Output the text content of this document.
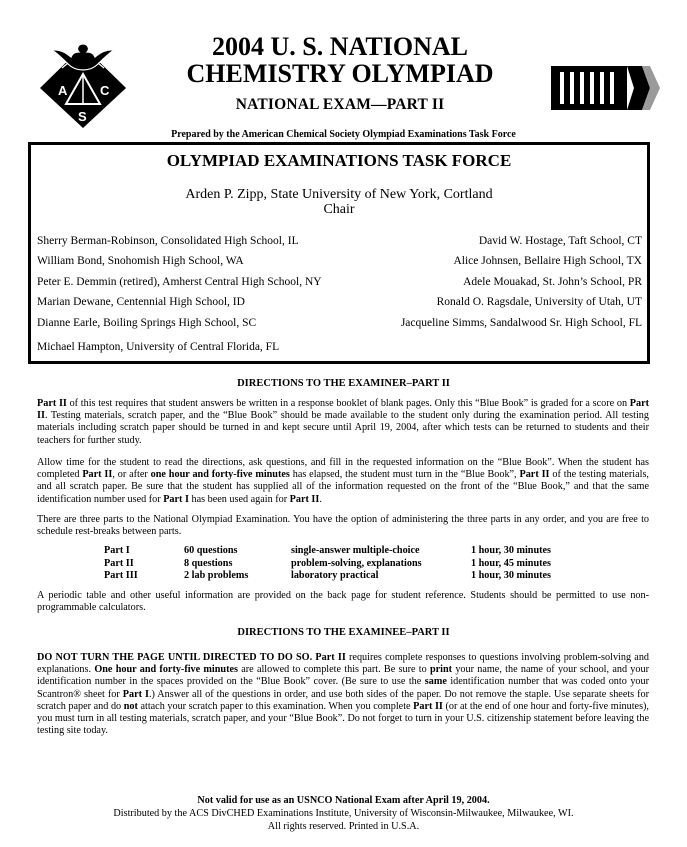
A	C
S
2004 U. S. NATIONAL
CHEMISTRY OLYMPIAD
NATIONAL EXAM—PART II
Prepared by the American Chemical Society Olympiad Examinations Task Force
OLYMPIAD EXAMINATIONS TASK FORCE
Arden P. Zipp, State University of New York, Cortland
Chair
Sherry Berman-Robinson, Consolidated High School, IL
William Bond, Snohomish High School, WA
Peter E. Demmin (retired), Amherst Central High School, NY
Marian Dewane, Centennial High School, ID
Dianne Earle, Boiling Springs High School, SC
Michael Hampton, University of Central Florida, FL
David W. Hostage, Taft School, CT
Alice Johnsen, Bellaire High School, TX
Adele Mouakad, St. John’s School, PR
Ronald O. Ragsdale, University of Utah, UT
Jacqueline Simms, Sandalwood Sr. High School, FL
DIRECTIONS TO THE EXAMINER–PART II
Part II of this test requires that student answers be written in a response booklet of blank pages. Only this “Blue Book” is graded for a score on Part II. Testing materials, scratch paper, and the “Blue Book” should be made available to the student only during the examination period. All testing materials including scratch paper should be turned in and kept secure until April 19, 2004, after which tests can be returned to students and their teachers for further study.
Allow time for the student to read the directions, ask questions, and fill in the requested information on the “Blue Book”. When the student has completed Part II, or after one hour and forty-five minutes has elapsed, the student must turn in the “Blue Book”, Part II of the testing materials, and all scratch paper. Be sure that the student has supplied all of the information requested on the front of the “Blue Book,” and that the same identification number used for Part I has been used again for Part II.
There are three parts to the National Olympiad Examination. You have the option of administering the three parts in any order, and you are free to schedule rest-breaks between parts.
Part I	60 questions	single-answer multiple-choice	1 hour, 30 minutes
Part II	8 questions	problem-solving, explanations	1 hour, 45 minutes
Part III	2 lab problems	laboratory practical	1 hour, 30 minutes
A periodic table and other useful information are provided on the back page for student reference. Students should be permitted to use non-programmable calculators.
DIRECTIONS TO THE EXAMINEE–PART II
DO NOT TURN THE PAGE UNTIL DIRECTED TO DO SO. Part II requires complete responses to questions involving problem-solving and explanations. One hour and forty-five minutes are allowed to complete this part. Be sure to print your name, the name of your school, and your identification number in the spaces provided on the “Blue Book” cover. (Be sure to use the same identification number that was coded onto your Scantron® sheet for Part I.) Answer all of the questions in order, and use both sides of the paper. Do not remove the staple. Use separate sheets for scratch paper and do not attach your scratch paper to this examination. When you complete Part II (or at the end of one hour and forty-five minutes), you must turn in all testing materials, scratch paper, and your “Blue Book”. Do not forget to turn in your U.S. citizenship statement before leaving the testing site today.
Not valid for use as an USNCO National Exam after April 19, 2004.
Distributed by the ACS DivCHED Examinations Institute, University of Wisconsin-Milwaukee, Milwaukee, WI.
All rights reserved. Printed in U.S.A.
